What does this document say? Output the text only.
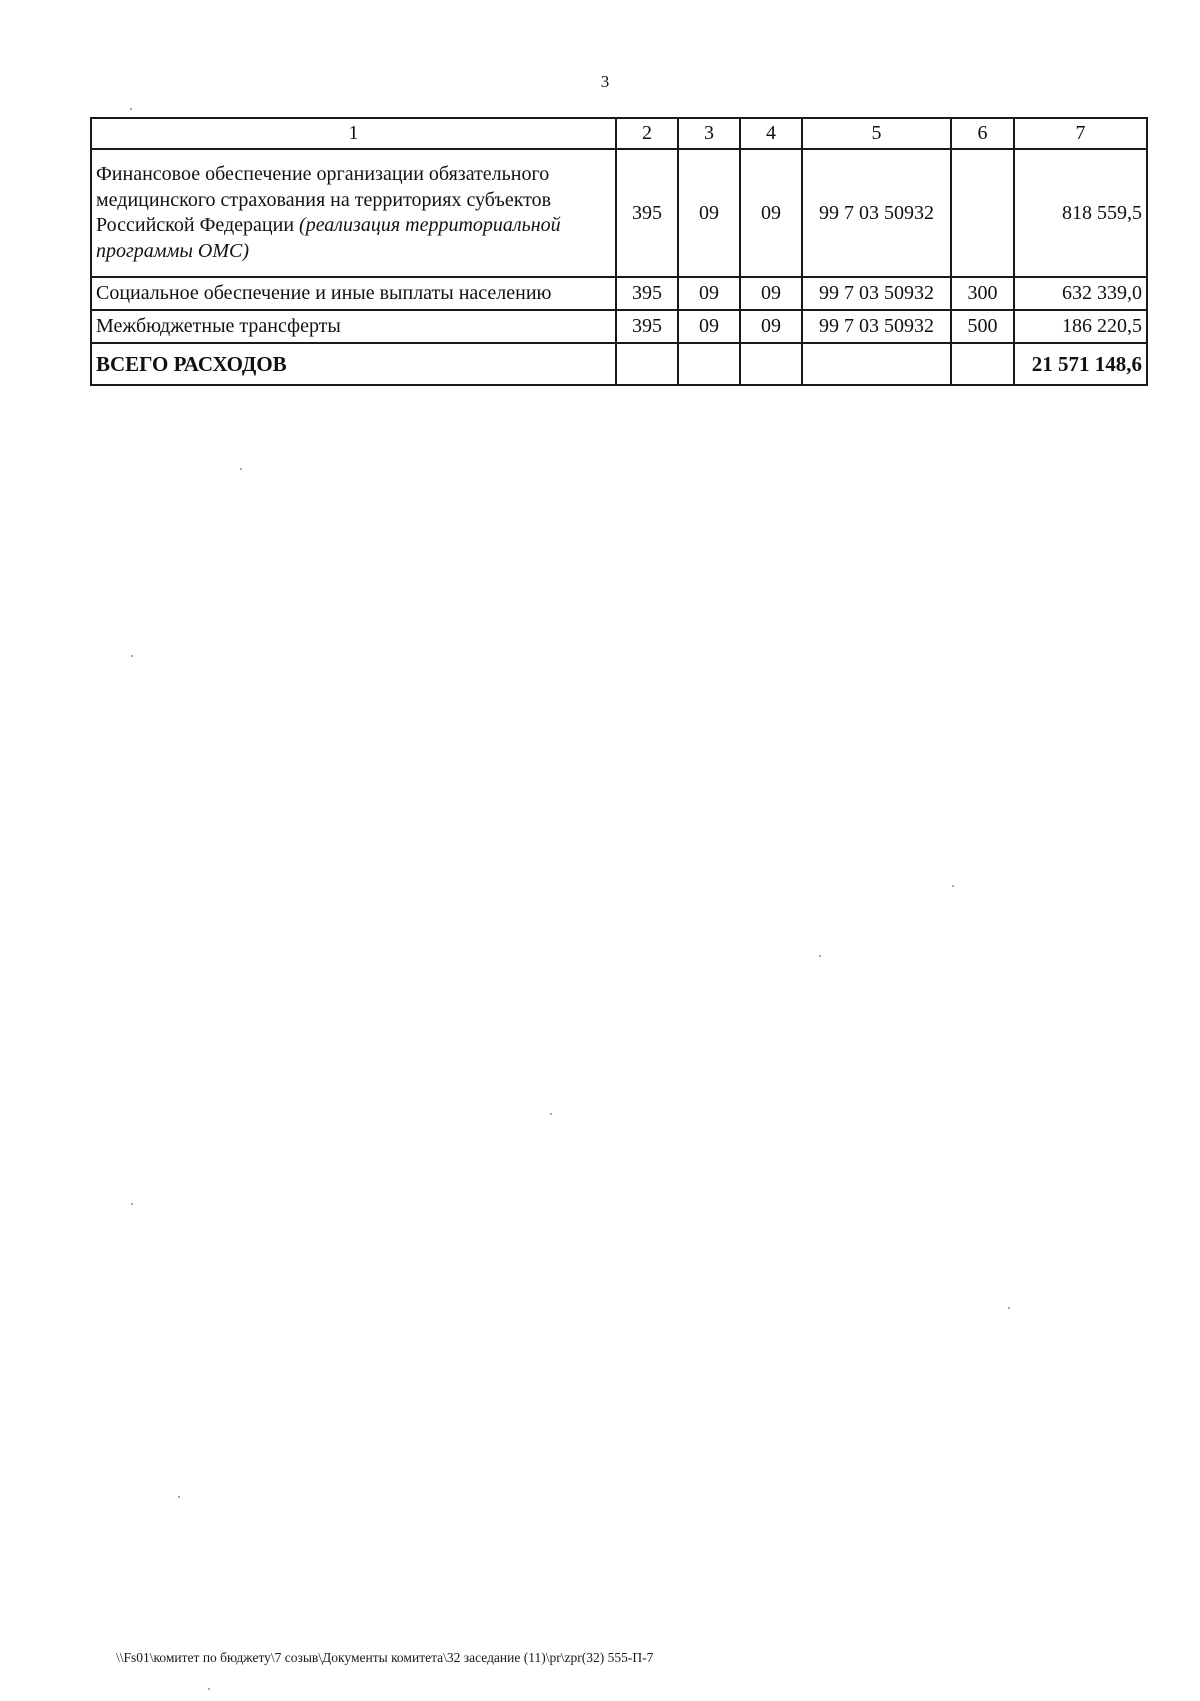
3
1	2	3	4	5	6	7
Финансовое обеспечение организации обязательного медицинского страхования на территориях субъектов Российской Федерации (реализация территориальной программы ОМС)	395	09	09	99 7 03 50932		818 559,5
Социальное обеспечение и иные выплаты населению	395	09	09	99 7 03 50932	300	632 339,0
Межбюджетные трансферты	395	09	09	99 7 03 50932	500	186 220,5
ВСЕГО РАСХОДОВ						21 571 148,6
\\Fs01\комитет по бюджету\7 созыв\Документы комитета\32 заседание (11)\pr\zpr(32) 555-П-7
